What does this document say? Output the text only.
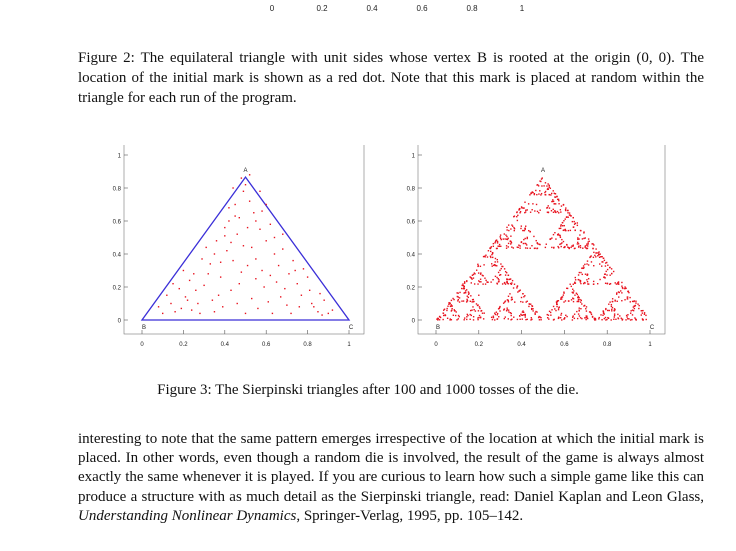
0	0.2	0.4	0.6	0.8	1
Figure 2: The equilateral triangle with unit sides whose vertex B is rooted at the origin (0, 0). The location of the initial mark is shown as a red dot. Note that this mark is placed at random within the triangle for each run of the program.
0
0.2
0.4
0.6
0.8
1
0	0.2	0.4	0.6	0.8	1
A
B	C
0
0.2
0.4
0.6
0.8
1
0	0.2	0.4	0.6	0.8	1
A
B	C
Figure 3: The Sierpinski triangles after 100 and 1000 tosses of the die.
interesting to note that the same pattern emerges irrespective of the location at which the initial mark is placed. In other words, even though a random die is involved, the result of the game is always almost exactly the same whenever it is played. If you are curious to learn how such a simple game like this can produce a structure with as much detail as the Sierpinski triangle, read: Daniel Kaplan and Leon Glass, Understanding Nonlinear Dynamics, Springer-Verlag, 1995, pp. 105–142.
